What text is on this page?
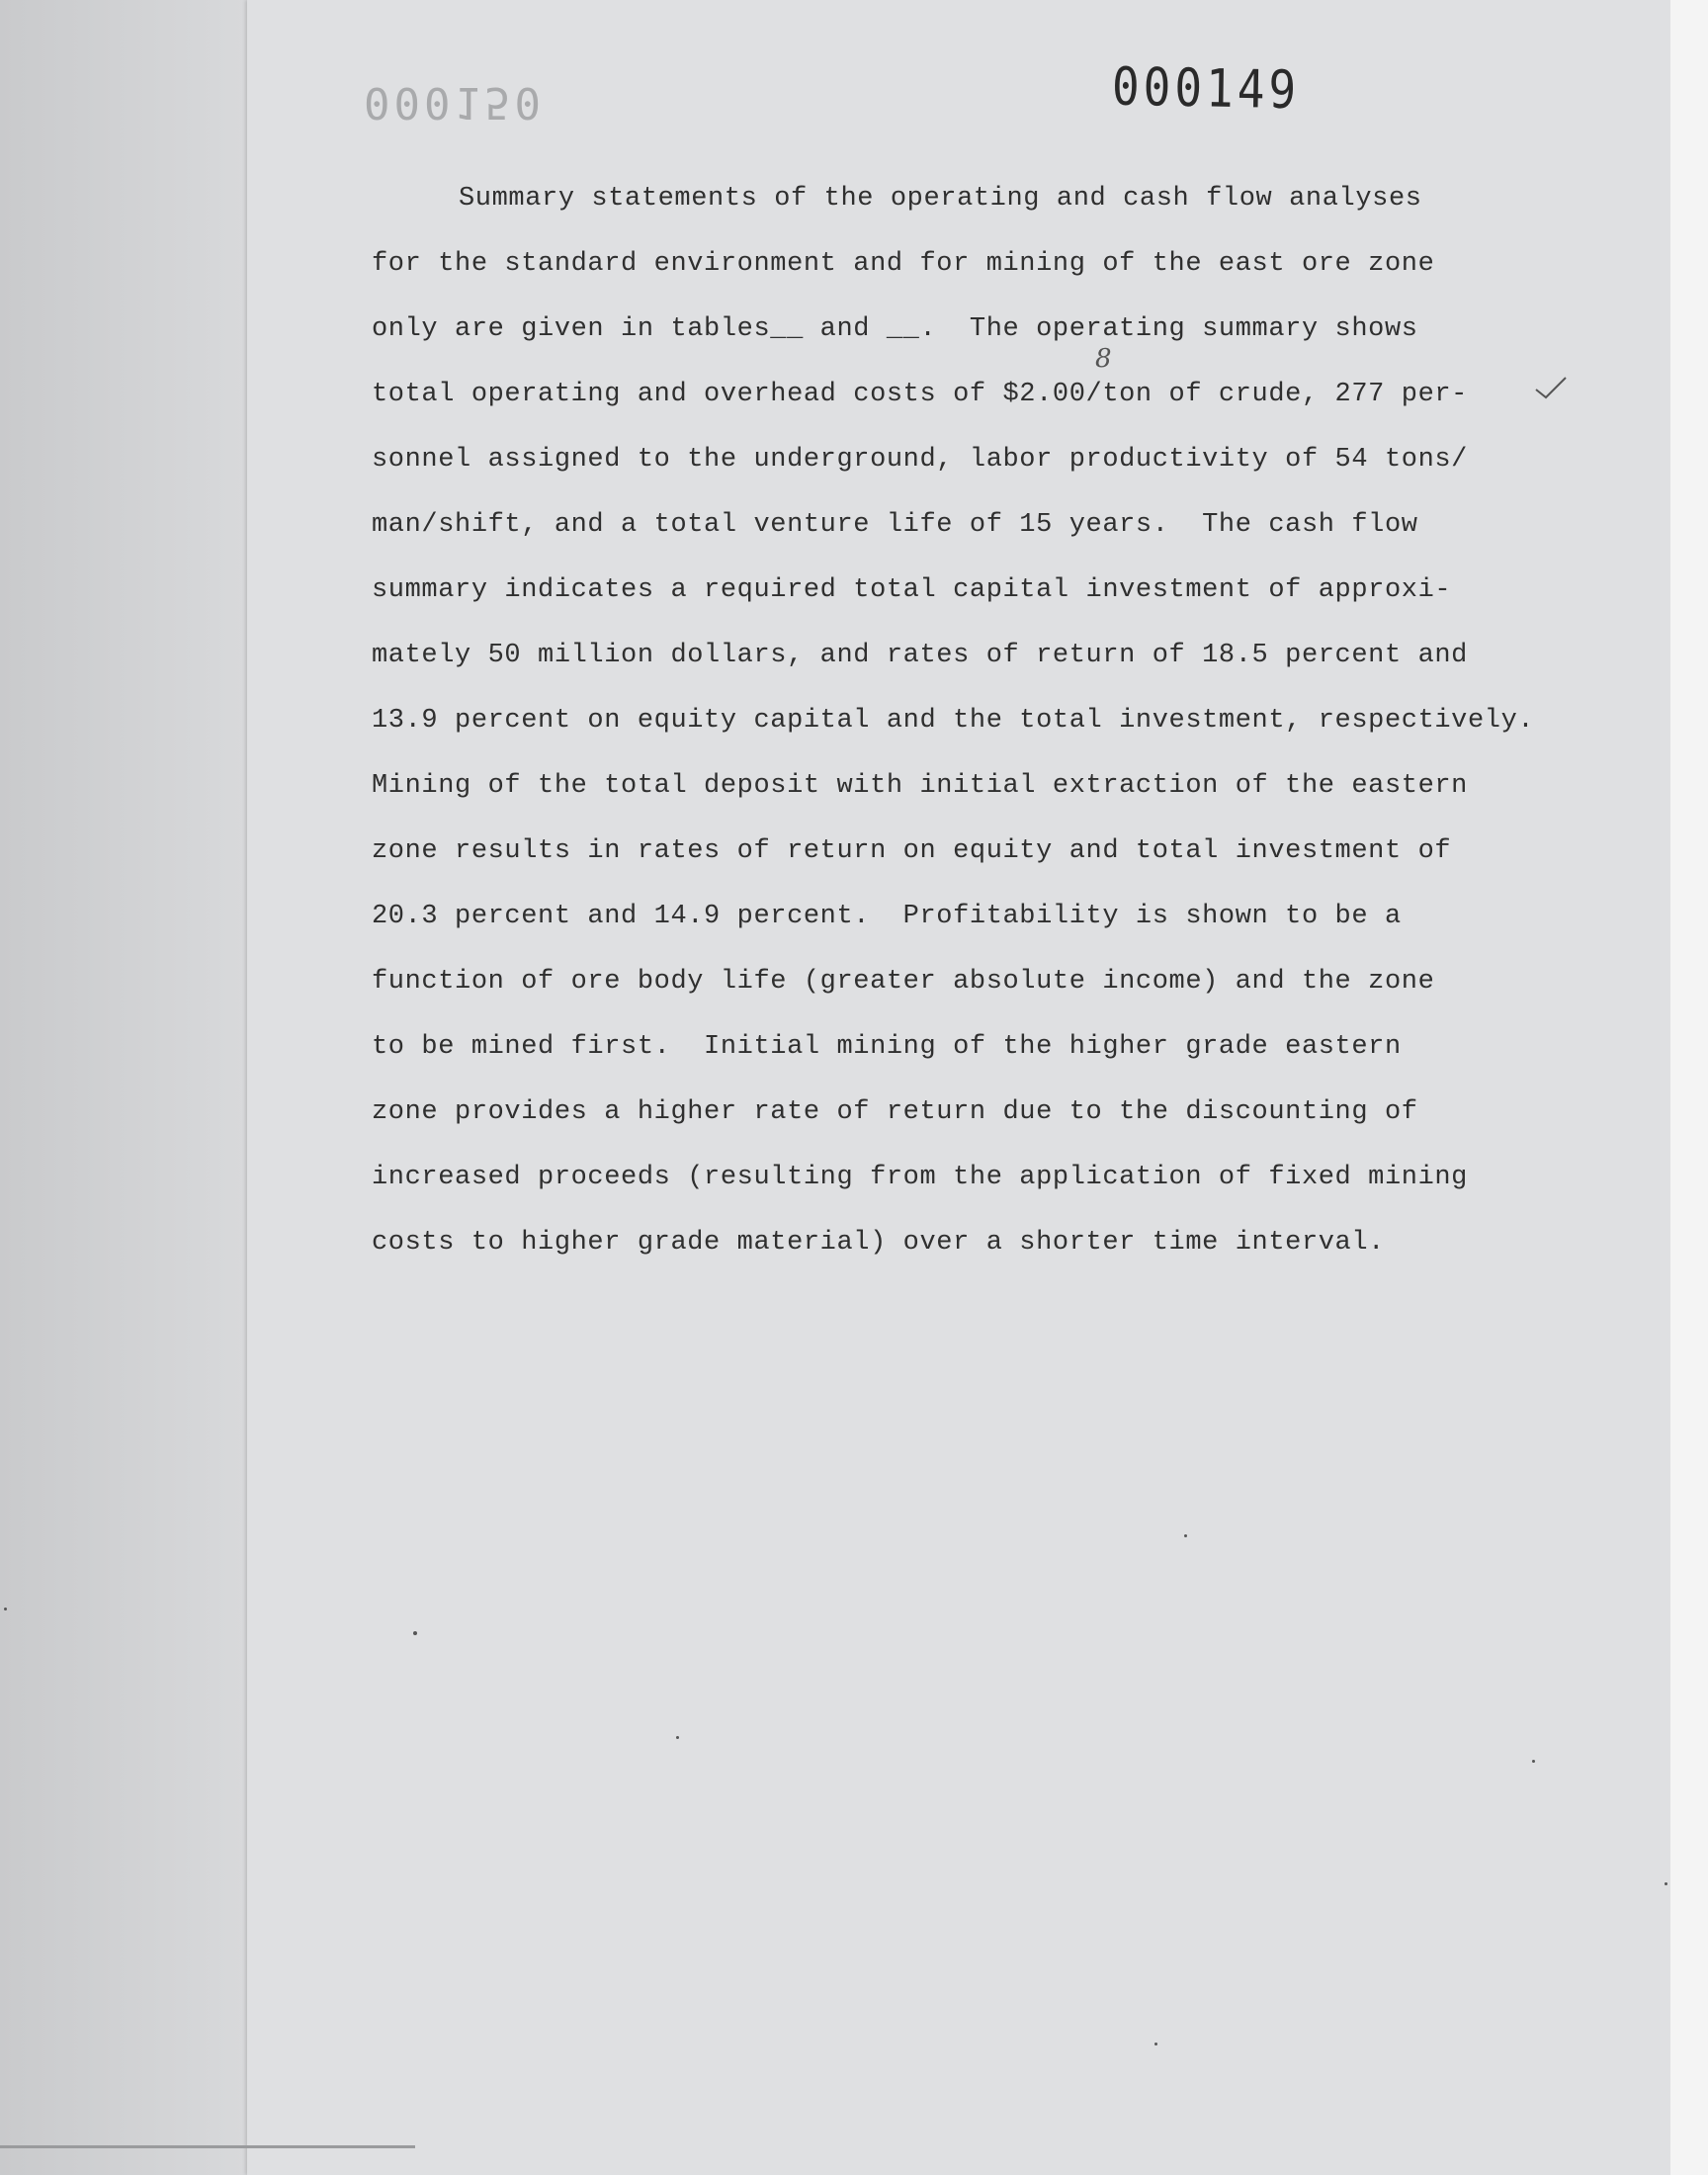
000149
000150
8
Summary statements of the operating and cash flow analyses
for the standard environment and for mining of the east ore zone
only are given in tables__ and __.  The operating summary shows
total operating and overhead costs of $2.00/ton of crude, 277 per-
sonnel assigned to the underground, labor productivity of 54 tons/
man/shift, and a total venture life of 15 years.  The cash flow
summary indicates a required total capital investment of approxi-
mately 50 million dollars, and rates of return of 18.5 percent and
13.9 percent on equity capital and the total investment, respectively.
Mining of the total deposit with initial extraction of the eastern
zone results in rates of return on equity and total investment of
20.3 percent and 14.9 percent.  Profitability is shown to be a
function of ore body life (greater absolute income) and the zone
to be mined first.  Initial mining of the higher grade eastern
zone provides a higher rate of return due to the discounting of
increased proceeds (resulting from the application of fixed mining
costs to higher grade material) over a shorter time interval.
